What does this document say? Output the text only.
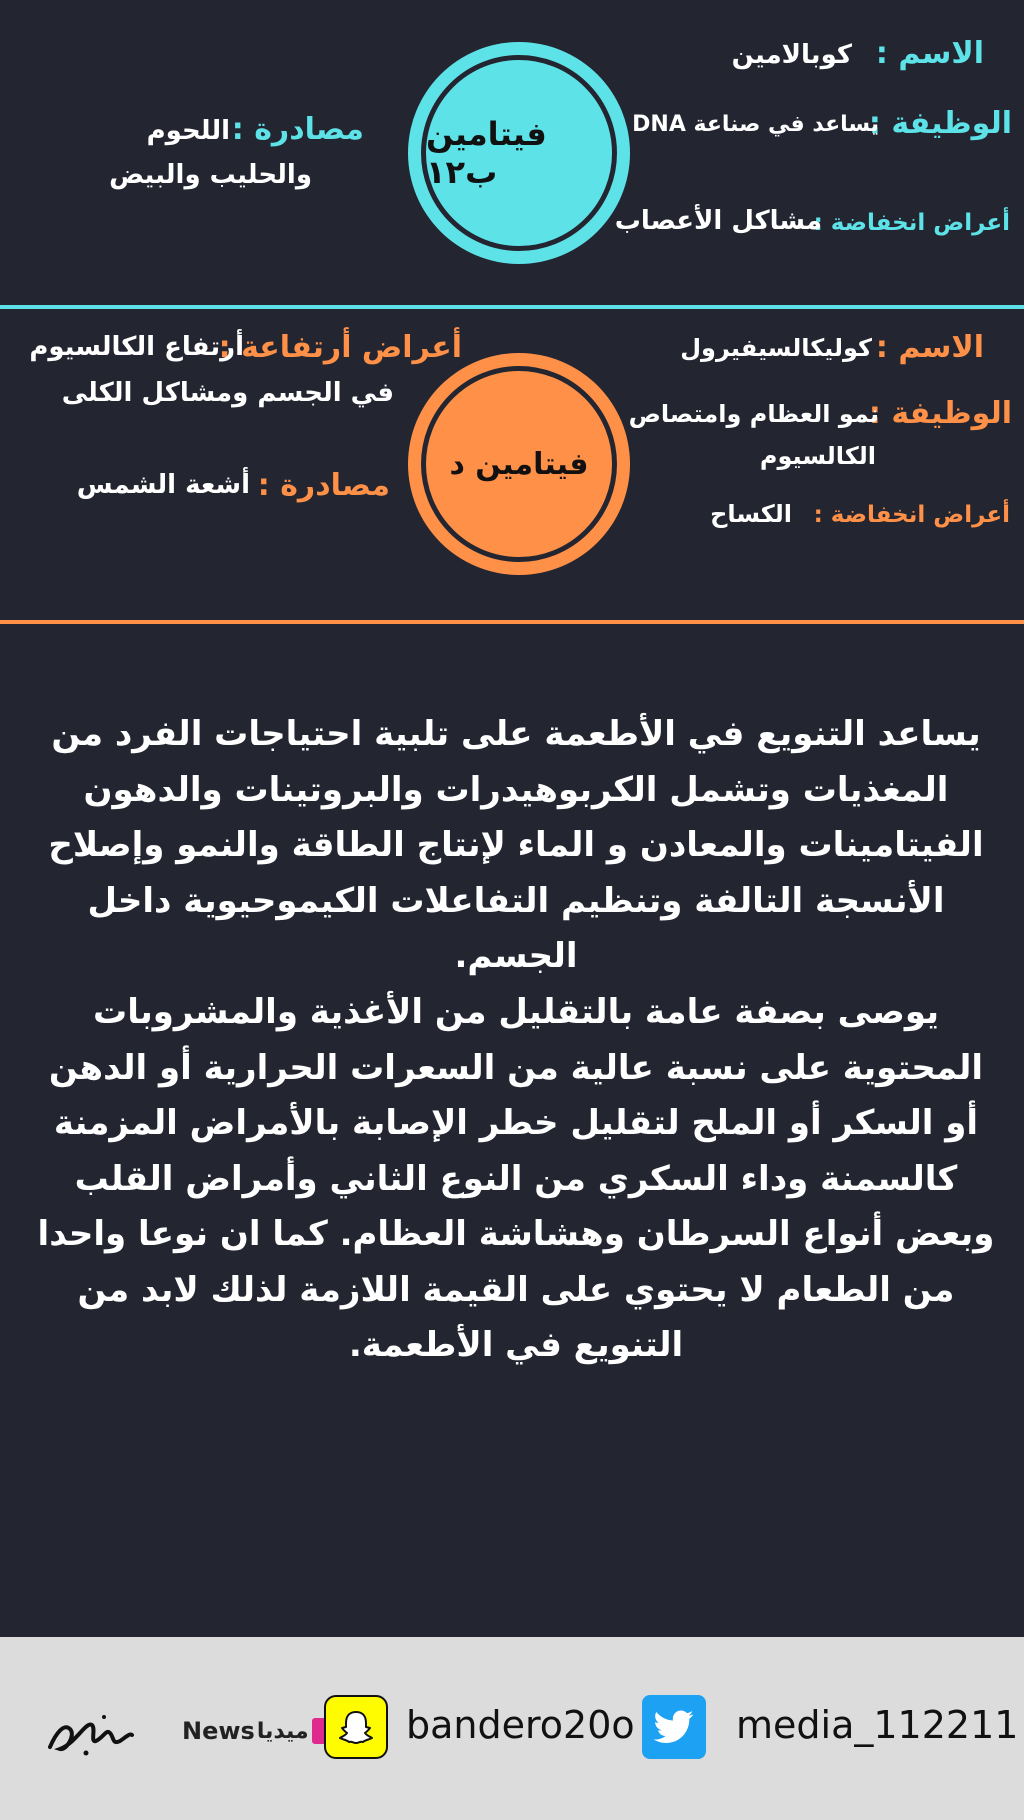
فيتامين ب١٢
الاسم :
كوبالامين
الوظيفة :
يساعد في صناعة DNA
أعراض انخفاضة :
مشاكل الأعصاب
مصادرة :
اللحوم
والحليب والبيض
فيتامين د
الاسم :
كوليكالسيفيرول
الوظيفة :
نمو العظام وامتصاص
الكالسيوم
أعراض انخفاضة :
الكساح
أعراض أرتفاعة :
أرتفاع الكالسيوم
في الجسم ومشاكل الكلى
مصادرة :
أشعة الشمس
يساعد التنويع في الأطعمة على تلبية احتياجات الفرد من المغذيات وتشمل الكربوهيدرات والبروتينات والدهون الفيتامينات والمعادن و الماء لإنتاج الطاقة والنمو وإصلاح الأنسجة التالفة وتنظيم التفاعلات الكيموحيوية داخل الجسم.
يوصى بصفة عامة بالتقليل من الأغذية والمشروبات المحتوية على نسبة عالية من السعرات الحرارية أو الدهن أو السكر أو الملح لتقليل خطر الإصابة بالأمراض المزمنة كالسمنة وداء السكري من النوع الثاني وأمراض القلب وبعض أنواع السرطان وهشاشة العظام. كما ان نوعا واحدا من الطعام لا يحتوي على القيمة اللازمة لذلك لابد من التنويع في الأطعمة.
News ميديا	bandero20o	media_112211
